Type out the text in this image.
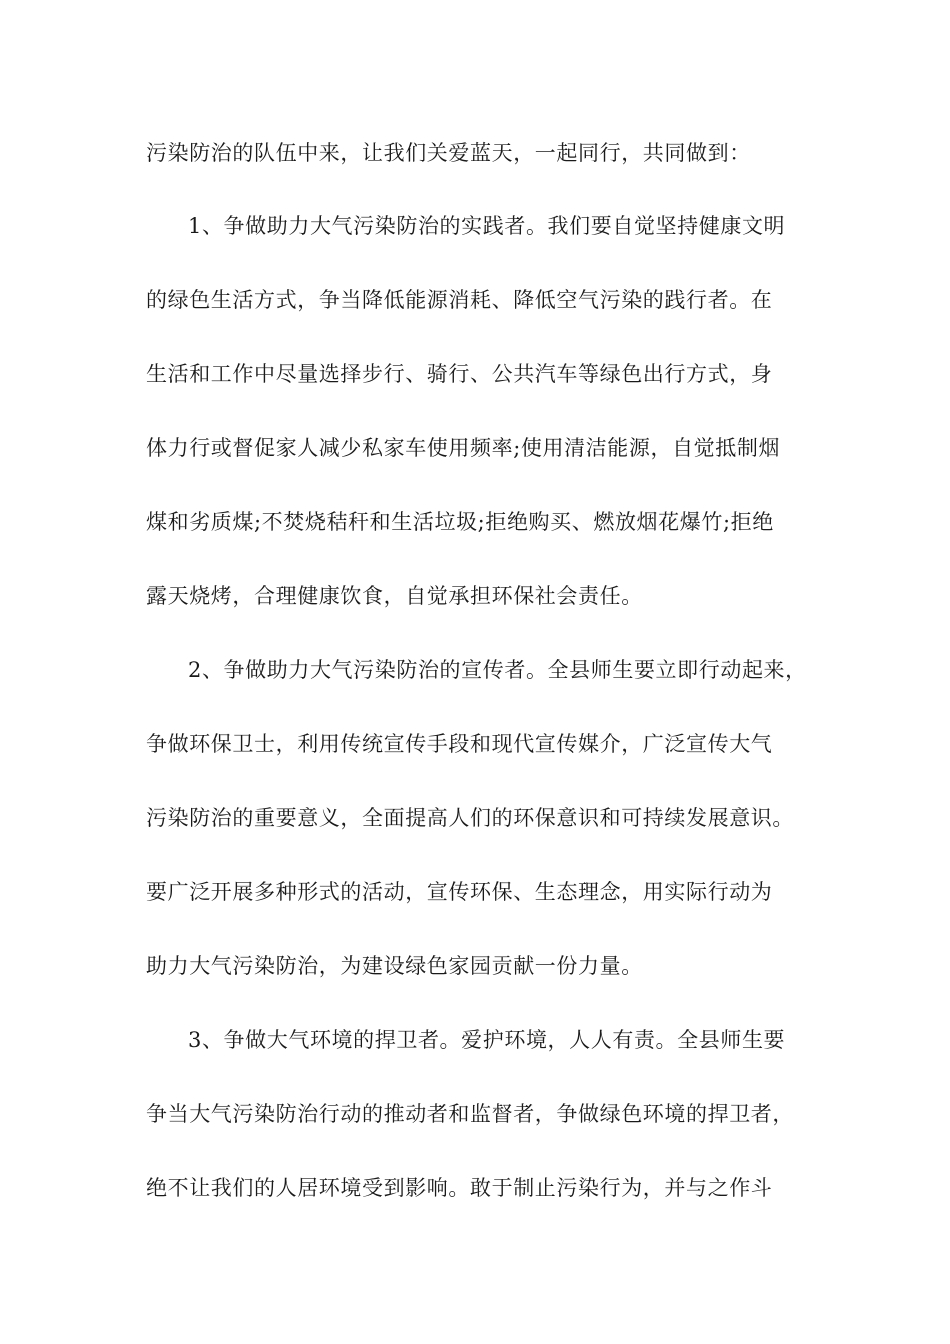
污染防治的队伍中来，让我们关爱蓝天，一起同行，共同做到：
1、争做助力大气污染防治的实践者。我们要自觉坚持健康文明
的绿色生活方式，争当降低能源消耗、降低空气污染的践行者。在
生活和工作中尽量选择步行、骑行、公共汽车等绿色出行方式，身
体力行或督促家人减少私家车使用频率;使用清洁能源，自觉抵制烟
煤和劣质煤;不焚烧秸秆和生活垃圾;拒绝购买、燃放烟花爆竹;拒绝
露天烧烤，合理健康饮食，自觉承担环保社会责任。
2、争做助力大气污染防治的宣传者。全县师生要立即行动起来，
争做环保卫士，利用传统宣传手段和现代宣传媒介，广泛宣传大气
污染防治的重要意义，全面提高人们的环保意识和可持续发展意识。
要广泛开展多种形式的活动，宣传环保、生态理念，用实际行动为
助力大气污染防治，为建设绿色家园贡献一份力量。
3、争做大气环境的捍卫者。爱护环境，人人有责。全县师生要
争当大气污染防治行动的推动者和监督者，争做绿色环境的捍卫者，
绝不让我们的人居环境受到影响。敢于制止污染行为，并与之作斗
